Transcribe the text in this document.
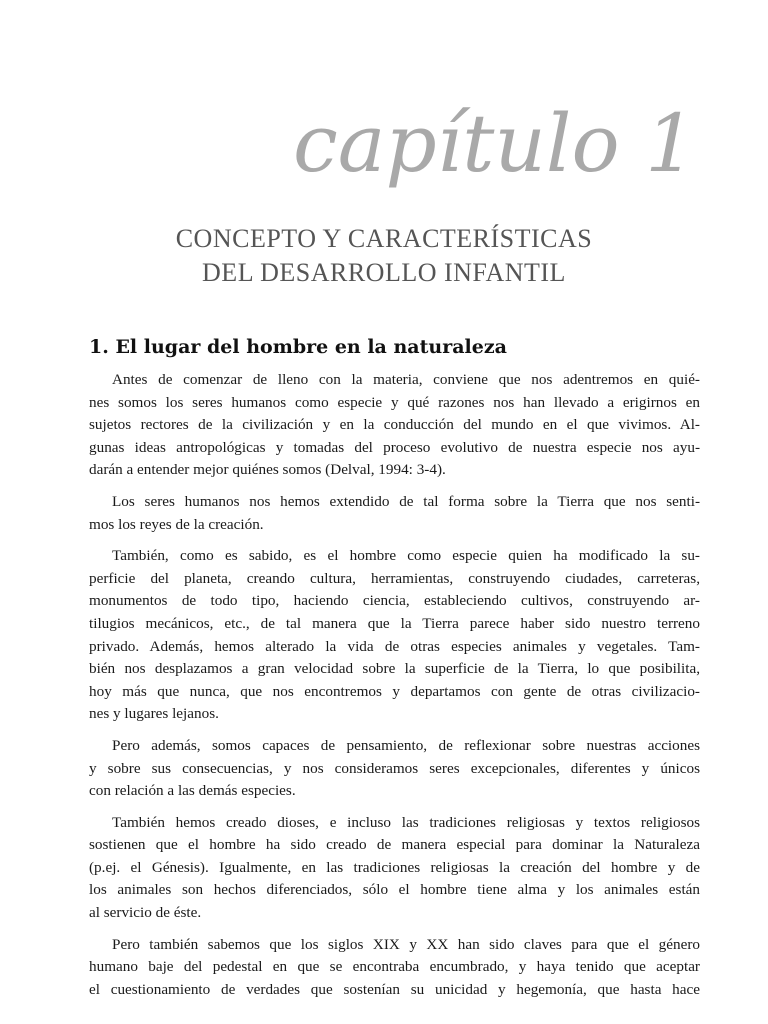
capítulo 1
CONCEPTO Y CARACTERÍSTICAS
DEL DESARROLLO INFANTIL
1. El lugar del hombre en la naturaleza
Antes de comenzar de lleno con la materia, conviene que nos adentremos en quié-
nes somos los seres humanos como especie y qué razones nos han llevado a erigirnos en
sujetos rectores de la civilización y en la conducción del mundo en el que vivimos. Al-
gunas ideas antropológicas y tomadas del proceso evolutivo de nuestra especie nos ayu-
darán a entender mejor quiénes somos (Delval, 1994: 3-4).
Los seres humanos nos hemos extendido de tal forma sobre la Tierra que nos senti-
mos los reyes de la creación.
También, como es sabido, es el hombre como especie quien ha modificado la su-
perficie del planeta, creando cultura, herramientas, construyendo ciudades, carreteras,
monumentos de todo tipo, haciendo ciencia, estableciendo cultivos, construyendo ar-
tilugios mecánicos, etc., de tal manera que la Tierra parece haber sido nuestro terreno
privado. Además, hemos alterado la vida de otras especies animales y vegetales. Tam-
bién nos desplazamos a gran velocidad sobre la superficie de la Tierra, lo que posibilita,
hoy más que nunca, que nos encontremos y departamos con gente de otras civilizacio-
nes y lugares lejanos.
Pero además, somos capaces de pensamiento, de reflexionar sobre nuestras acciones
y sobre sus consecuencias, y nos consideramos seres excepcionales, diferentes y únicos
con relación a las demás especies.
También hemos creado dioses, e incluso las tradiciones religiosas y textos religiosos
sostienen que el hombre ha sido creado de manera especial para dominar la Naturaleza
(p.ej. el Génesis). Igualmente, en las tradiciones religiosas la creación del hombre y de
los animales son hechos diferenciados, sólo el hombre tiene alma y los animales están
al servicio de éste.
Pero también sabemos que los siglos XIX y XX han sido claves para que el género
humano baje del pedestal en que se encontraba encumbrado, y haya tenido que aceptar
el cuestionamiento de verdades que sostenían su unicidad y hegemonía, que hasta hace
